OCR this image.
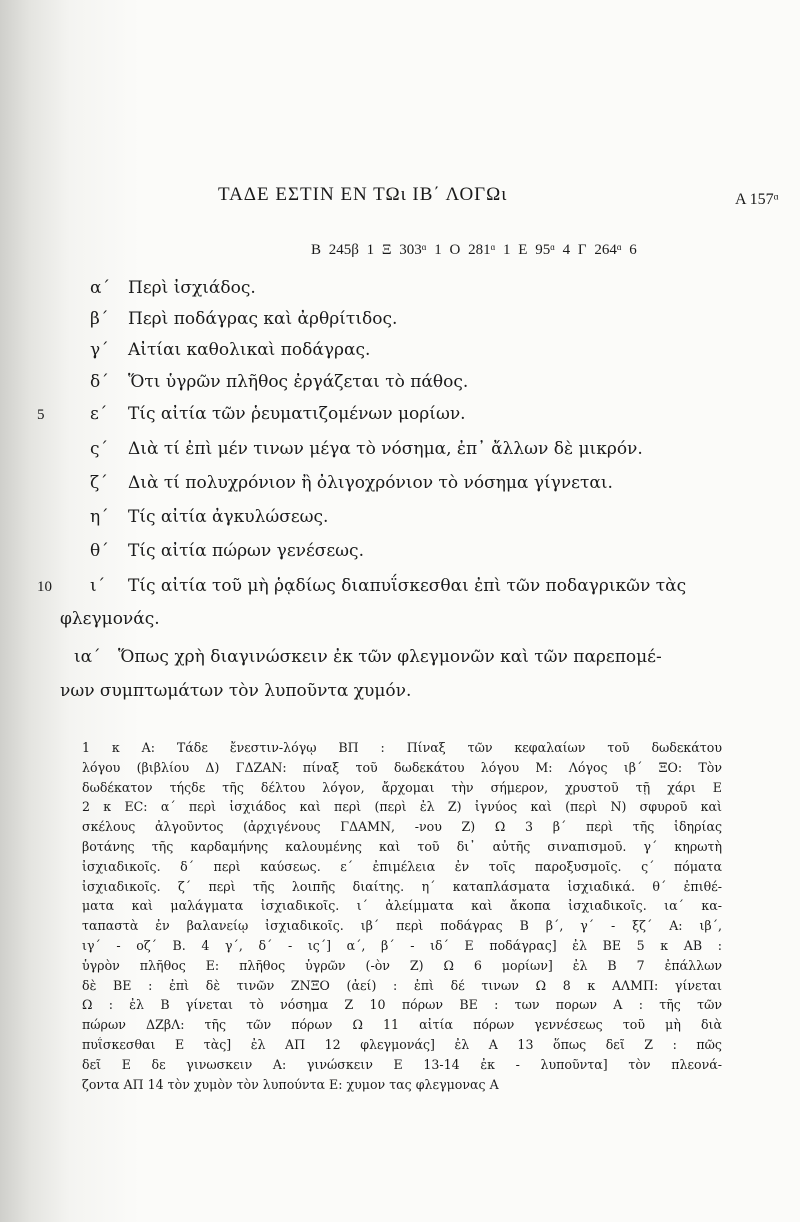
ΤΑΔΕ ΕΣΤΙΝ ΕΝ ΤΩι ΙΒ΄ ΛΟΓΩι	A 157ᵅ
B 245β 1 Ξ 303ᵅ 1 O 281ᵅ 1 E 95ᵅ 4 Γ 264ᵅ 6
α΄ Περὶ ἰσχιάδος.
β΄ Περὶ ποδάγρας καὶ ἀρθρίτιδος.
γ΄ Αἰτίαι καθολικαὶ ποδάγρας.
δ΄ Ὅτι ὑγρῶν πλῆθος ἐργάζεται τὸ πάθος.
5	ε΄ Τίς αἰτία τῶν ῥευματιζομένων μορίων.
ς΄ Διὰ τί ἐπὶ μέν τινων μέγα τὸ νόσημα, ἐπ᾽ ἄλλων δὲ μικρόν.
ζ΄ Διὰ τί πολυχρόνιον ἢ ὀλιγοχρόνιον τὸ νόσημα γίγνεται.
η΄ Τίς αἰτία ἀγκυλώσεως.
θ΄ Τίς αἰτία πώρων γενέσεως.
10 ι΄ Τίς αἰτία τοῦ μὴ ῥᾳδίως διαπυΐσκεσθαι ἐπὶ τῶν ποδαγρικῶν τὰς
φλεγμονάς.
ια΄ Ὅπως χρὴ διαγινώσκειν ἐκ τῶν φλεγμονῶν καὶ τῶν παρεπομέ-
νων συμπτωμάτων τὸν λυποῦντα χυμόν.
1 κ A: Τάδε ἔνεστιν-λόγῳ BΠ : Πίναξ τῶν κεφαλαίων τοῦ δωδεκάτου
λόγου (βιβλίου Δ) ΓΔΖΑΝ: πίναξ τοῦ δωδεκάτου λόγου M: Λόγος ιβ΄ ΞO: Τὸν
δωδέκατον τήςδε τῆς δέλτου λόγον, ἄρχομαι τὴν σήμερον, χρυστοῦ τῇ χάρι E
2 κ EC: α΄ περὶ ἰσχιάδος καὶ περὶ (περὶ ἐλ Z) ἰγνύος καὶ (περὶ N) σφυροῦ καὶ
σκέλους ἀλγοῦντος (ἀρχιγένους ΓΔΑΜΝ, -νου Z) Ω 3 β΄ περὶ τῆς ἱδηρίας
βοτάνης τῆς καρδαμήνης καλουμένης καὶ τοῦ δι᾽ αὐτῆς σιναπισμοῦ. γ΄ κηρωτὴ
ἰσχιαδικοῖς. δ΄ περὶ καύσεως. ε΄ ἐπιμέλεια ἐν τοῖς παροξυσμοῖς. ς΄ πόματα
ἰσχιαδικοῖς. ζ΄ περὶ τῆς λοιπῆς διαίτης. η΄ καταπλάσματα ἰσχιαδικά. θ΄ ἐπιθέ-
ματα καὶ μαλάγματα ἰσχιαδικοῖς. ι΄ ἀλείμματα καὶ ἄκοπα ἰσχιαδικοῖς. ια΄ κα-
ταπαστὰ ἐν βαλανείῳ ἰσχιαδικοῖς. ιβ΄ περὶ ποδάγρας B β΄, γ΄ - ξζ΄ A: ιβ΄,
ιγ΄ - οζ΄ B. 4 γ΄, δ΄ - ις΄] α΄, β΄ - ιδ΄ E ποδάγρας] ἐλ BE 5 κ AB :
ὑγρὸν πλῆθος E: πλῆθος ὑγρῶν (-ὸν Z) Ω 6 μορίων] ἐλ B 7 ἐπάλλων
δὲ BE : ἐπὶ δὲ τινῶν ΖΝΞΟ (ἀεί) : ἐπὶ δέ τινων Ω 8 κ ΑΛΜΠ: γίνεται
Ω : ἐλ B γίνεται τὸ νόσημα Z 10 πόρων BE : των πορων A : τῆς τῶν
πώρων ΔΖβΛ: τῆς τῶν πόρων Ω 11 αἰτία πόρων γεννέσεως τοῦ μὴ διὰ
πυΐσκεσθαι E τὰς] ἐλ AΠ 12 φλεγμονάς] ἐλ A 13 ὅπως δεῖ Z : πῶς
δεῖ E δε γινωσκειν A: γινώσκειν E 13-14 ἐκ - λυποῦντα] τὸν πλεονά-
ζοντα AΠ 14 τὸν χυμὸν τὸν λυπούντα E: χυμον τας φλεγμονας A
